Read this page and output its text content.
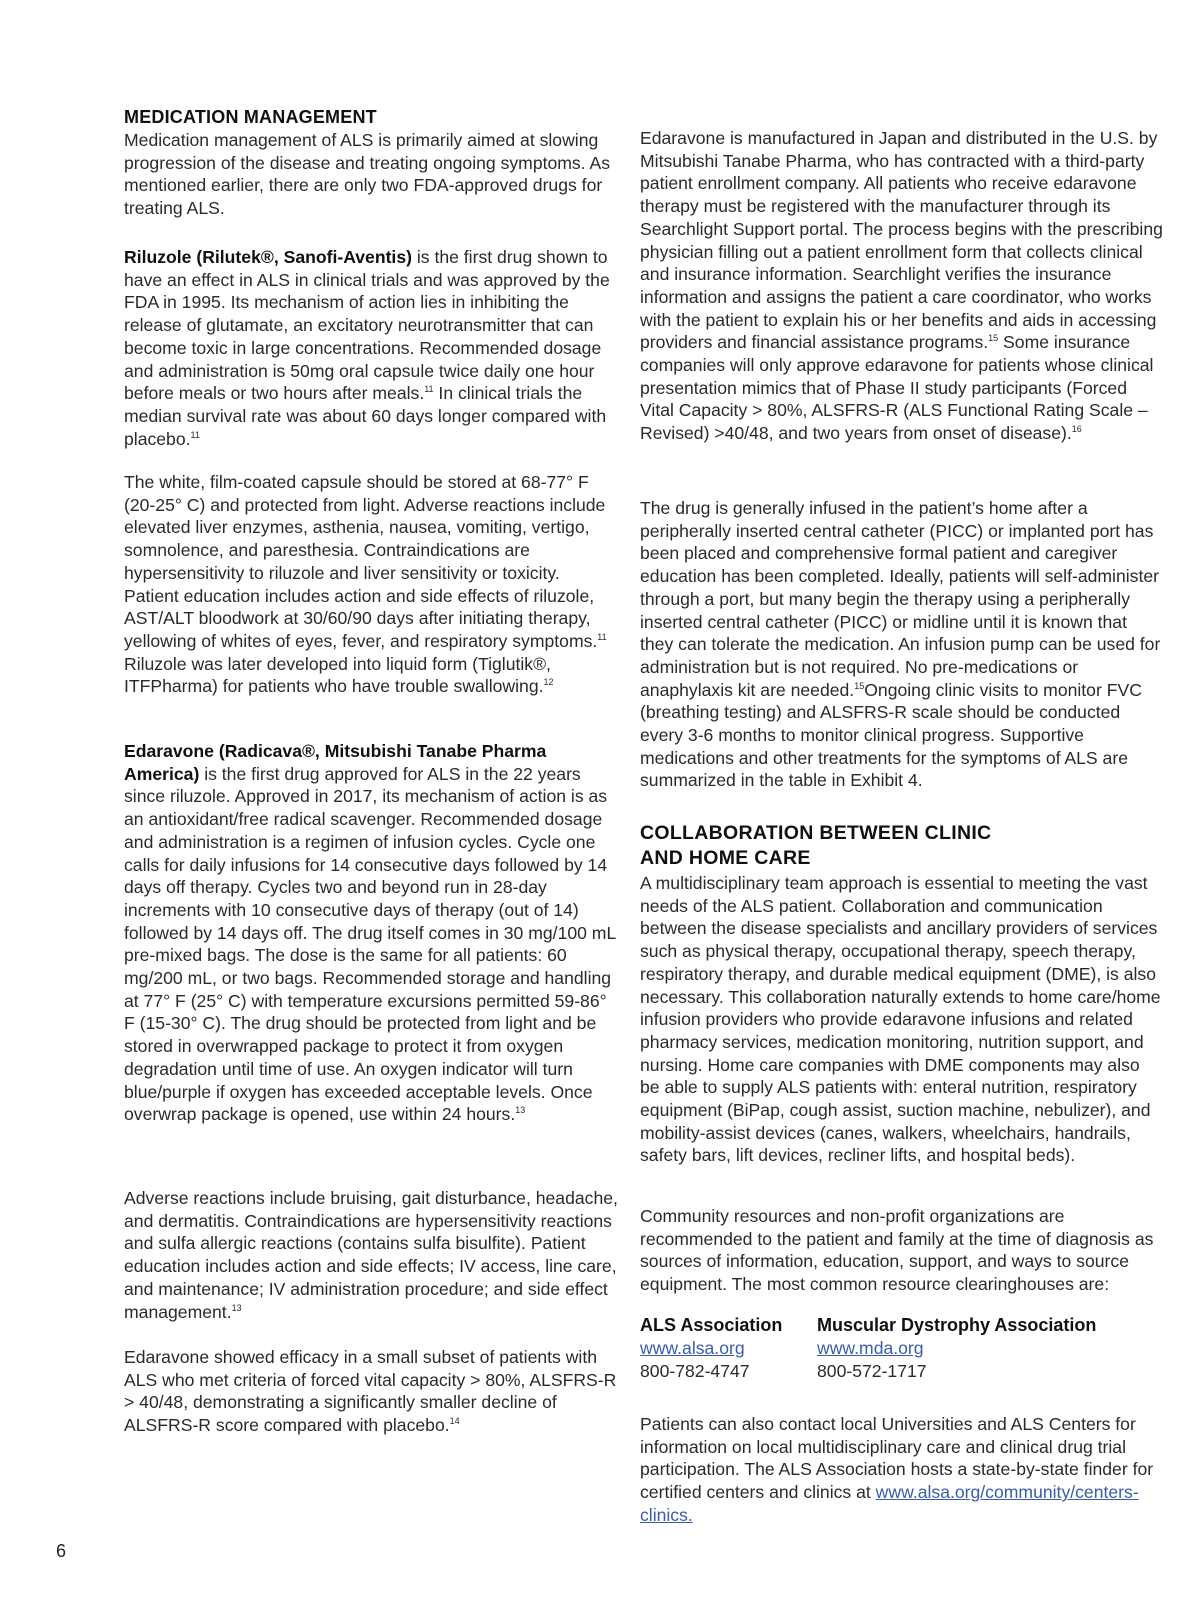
MEDICATION MANAGEMENT

Medication management of ALS is primarily aimed at slowing progression of the disease and treating ongoing symptoms. As mentioned earlier, there are only two FDA-approved drugs for treating ALS.

Riluzole (Rilutek®, Sanofi-Aventis) is the first drug shown to have an effect in ALS in clinical trials and was approved by the FDA in 1995. Its mechanism of action lies in inhibiting the release of glutamate, an excitatory neurotransmitter that can become toxic in large concentrations. Recommended dosage and administration is 50mg oral capsule twice daily one hour before meals or two hours after meals.$^{11}$ In clinical trials the median survival rate was about 60 days longer compared with placebo.$^{11}$

The white, film-coated capsule should be stored at 68-77° F (20-25° C) and protected from light. Adverse reactions include elevated liver enzymes, asthenia, nausea, vomiting, vertigo, somnolence, and paresthesia. Contraindications are hypersensitivity to riluzole and liver sensitivity or toxicity. Patient education includes action and side effects of riluzole, AST/ALT bloodwork at 30/60/90 days after initiating therapy, yellowing of whites of eyes, fever, and respiratory symptoms.$^{11}$ Riluzole was later developed into liquid form (Tiglutik®, ITFPharma) for patients who have trouble swallowing.$^{12}$

Edaravone (Radicava®, Mitsubishi Tanabe Pharma America) is the first drug approved for ALS in the 22 years since riluzole. Approved in 2017, its mechanism of action is as an antioxidant/free radical scavenger. Recommended dosage and administration is a regimen of infusion cycles. Cycle one calls for daily infusions for 14 consecutive days followed by 14 days off therapy. Cycles two and beyond run in 28-day increments with 10 consecutive days of therapy (out of 14) followed by 14 days off. The drug itself comes in 30 mg/100 mL pre-mixed bags. The dose is the same for all patients: 60 mg/200 mL, or two bags. Recommended storage and handling at 77° F (25° C) with temperature excursions permitted 59-86° F (15-30° C). The drug should be protected from light and be stored in overwrapped package to protect it from oxygen degradation until time of use. An oxygen indicator will turn blue/purple if oxygen has exceeded acceptable levels. Once overwrap package is opened, use within 24 hours.$^{13}$

Adverse reactions include bruising, gait disturbance, headache, and dermatitis. Contraindications are hypersensitivity reactions and sulfa allergic reactions (contains sulfa bisulfite). Patient education includes action and side effects; IV access, line care, and maintenance; IV administration procedure; and side effect management.$^{13}$

Edaravone showed efficacy in a small subset of patients with ALS who met criteria of forced vital capacity > 80%, ALSFRS-R > 40/48, demonstrating a significantly smaller decline of ALSFRS-R score compared with placebo.$^{14}$

Edaravone is manufactured in Japan and distributed in the U.S. by Mitsubishi Tanabe Pharma, who has contracted with a third-party patient enrollment company. All patients who receive edaravone therapy must be registered with the manufacturer through its Searchlight Support portal. The process begins with the prescribing physician filling out a patient enrollment form that collects clinical and insurance information. Searchlight verifies the insurance information and assigns the patient a care coordinator, who works with the patient to explain his or her benefits and aids in accessing providers and financial assistance programs.$^{15}$ Some insurance companies will only approve edaravone for patients whose clinical presentation mimics that of Phase II study participants (Forced Vital Capacity > 80%, ALSFRS-R (ALS Functional Rating Scale – Revised) >40/48, and two years from onset of disease).$^{16}$

The drug is generally infused in the patient’s home after a peripherally inserted central catheter (PICC) or implanted port has been placed and comprehensive formal patient and caregiver education has been completed. Ideally, patients will self-administer through a port, but many begin the therapy using a peripherally inserted central catheter (PICC) or midline until it is known that they can tolerate the medication. An infusion pump can be used for administration but is not required. No pre-medications or anaphylaxis kit are needed.$^{15}$Ongoing clinic visits to monitor FVC (breathing testing) and ALSFRS-R scale should be conducted every 3-6 months to monitor clinical progress. Supportive medications and other treatments for the symptoms of ALS are summarized in the table in Exhibit 4.

COLLABORATION BETWEEN CLINIC
AND HOME CARE

A multidisciplinary team approach is essential to meeting the vast needs of the ALS patient. Collaboration and communication between the disease specialists and ancillary providers of services such as physical therapy, occupational therapy, speech therapy, respiratory therapy, and durable medical equipment (DME), is also necessary. This collaboration naturally extends to home care/home infusion providers who provide edaravone infusions and related pharmacy services, medication monitoring, nutrition support, and nursing. Home care companies with DME components may also be able to supply ALS patients with: enteral nutrition, respiratory equipment (BiPap, cough assist, suction machine, nebulizer), and mobility-assist devices (canes, walkers, wheelchairs, handrails, safety bars, lift devices, recliner lifts, and hospital beds).

Community resources and non-profit organizations are recommended to the patient and family at the time of diagnosis as sources of information, education, support, and ways to source equipment. The most common resource clearinghouses are:

ALS Association
www.alsa.org
800-782-4747
Muscular Dystrophy Association
www.mda.org
800-572-1717

Patients can also contact local Universities and ALS Centers for information on local multidisciplinary care and clinical drug trial participation. The ALS Association hosts a state-by-state finder for certified centers and clinics at www.alsa.org/community/centers-clinics.

6
